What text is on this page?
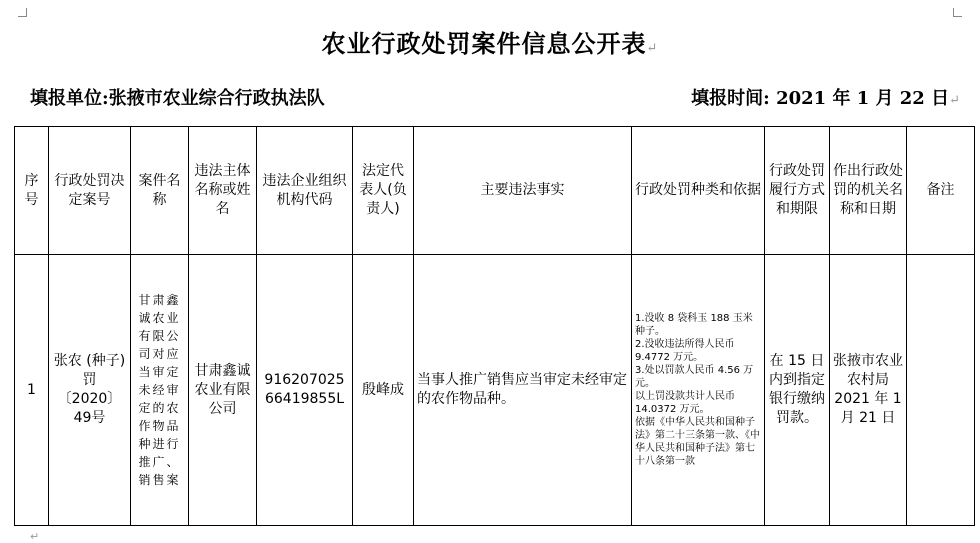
农业行政处罚案件信息公开表↵
填报单位:张掖市农业综合行政执法队	填报时间: 2021 年 1 月 22 日↵
序号	行政处罚决定案号	案件名称	违法主体名称或姓名	违法企业组织机构代码	法定代表人(负责人)	主要违法事实	行政处罚种类和依据	行政处罚履行方式和期限	作出行政处罚的机关名称和日期	备注
1	张农 (种子)罚 〔2020〕49号	甘肃鑫诚农业有限公司对应当审定未经审定的农作物品种进行推广、销售案	甘肃鑫诚农业有限公司	91620702566419855L	殷峰成	当事人推广销售应当审定未经审定的农作物品种。	1.没收 8 袋科玉 188 玉米种子。
2.没收违法所得人民币 9.4772 万元。
3.处以罚款人民币 4.56 万元。
以上罚没款共计人民币 14.0372 万元。
依据《中华人民共和国种子法》第二十三条第一款、《中华人民共和国种子法》第七十八条第一款	在 15 日内到指定银行缴纳罚款。	张掖市农业农村局 2021 年 1 月 21 日	
↵
